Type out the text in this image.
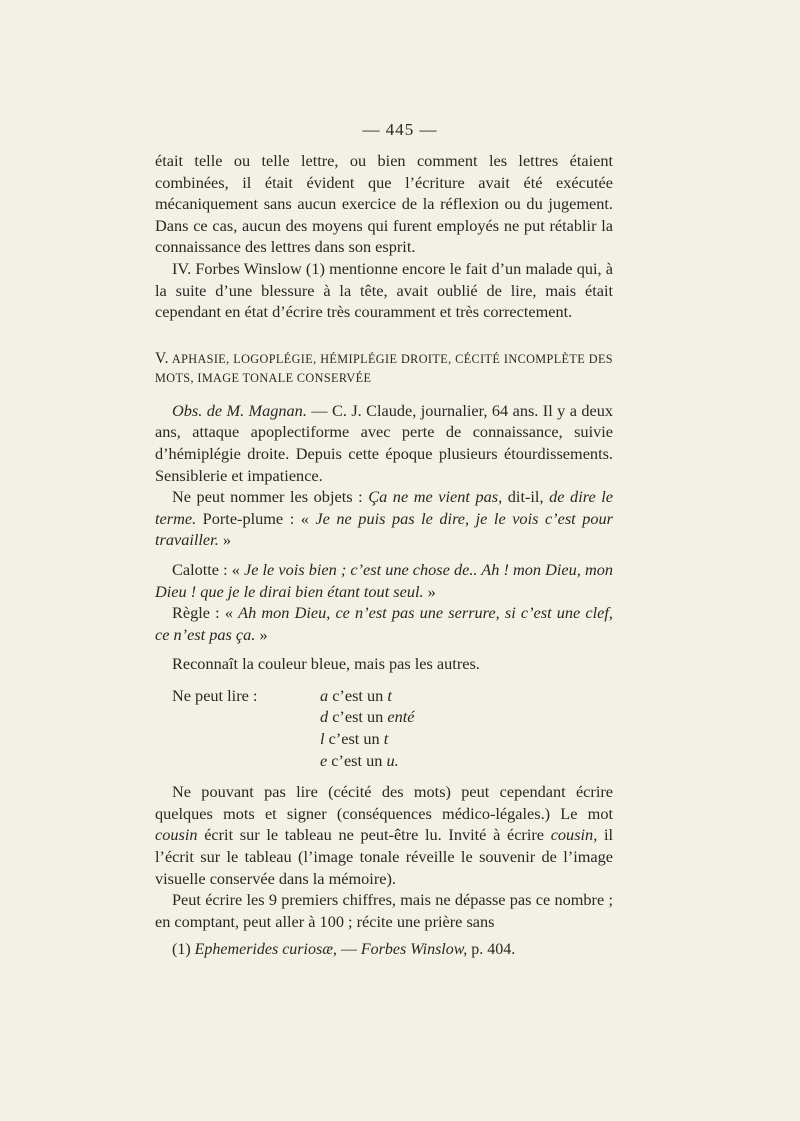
— 445 —

était telle ou telle lettre, ou bien comment les lettres étaient combinées, il était évident que l’écriture avait été exécutée mécaniquement sans aucun exercice de la réflexion ou du jugement. Dans ce cas, aucun des moyens qui furent employés ne put rétablir la connaissance des lettres dans son esprit.

IV. Forbes Winslow (1) mentionne encore le fait d’un malade qui, à la suite d’une blessure à la tête, avait oublié de lire, mais était cependant en état d’écrire très couramment et très correctement.

V. APHASIE, LOGOPLÉGIE, HÉMIPLÉGIE DROITE, CÉCITÉ INCOMPLÈTE DES MOTS, IMAGE TONALE CONSERVÉE

Obs. de M. Magnan. — C. J. Claude, journalier, 64 ans. Il y a deux ans, attaque apoplectiforme avec perte de connaissance, suivie d’hémiplégie droite. Depuis cette époque plusieurs étourdissements. Sensiblerie et impatience.

Ne peut nommer les objets : Ça ne me vient pas, dit-il, de dire le terme. Porte-plume : « Je ne puis pas le dire, je le vois c’est pour travailler. »

Calotte : « Je le vois bien ; c’est une chose de.. Ah ! mon Dieu, mon Dieu ! que je le dirai bien étant tout seul. »

Règle : « Ah mon Dieu, ce n’est pas une serrure, si c’est une clef, ce n’est pas ça. »

Reconnaît la couleur bleue, mais pas les autres.

Ne peut lire :	a c’est un t
d c’est un enté
l c’est un t
e c’est un u.

Ne pouvant pas lire (cécité des mots) peut cependant écrire quelques mots et signer (conséquences médico-légales.) Le mot cousin écrit sur le tableau ne peut-être lu. Invité à écrire cousin, il l’écrit sur le tableau (l’image tonale réveille le souvenir de l’image visuelle conservée dans la mémoire).

Peut écrire les 9 premiers chiffres, mais ne dépasse pas ce nombre ; en comptant, peut aller à 100 ; récite une prière sans

(1) Ephemerides curiosæ, — Forbes Winslow, p. 404.
